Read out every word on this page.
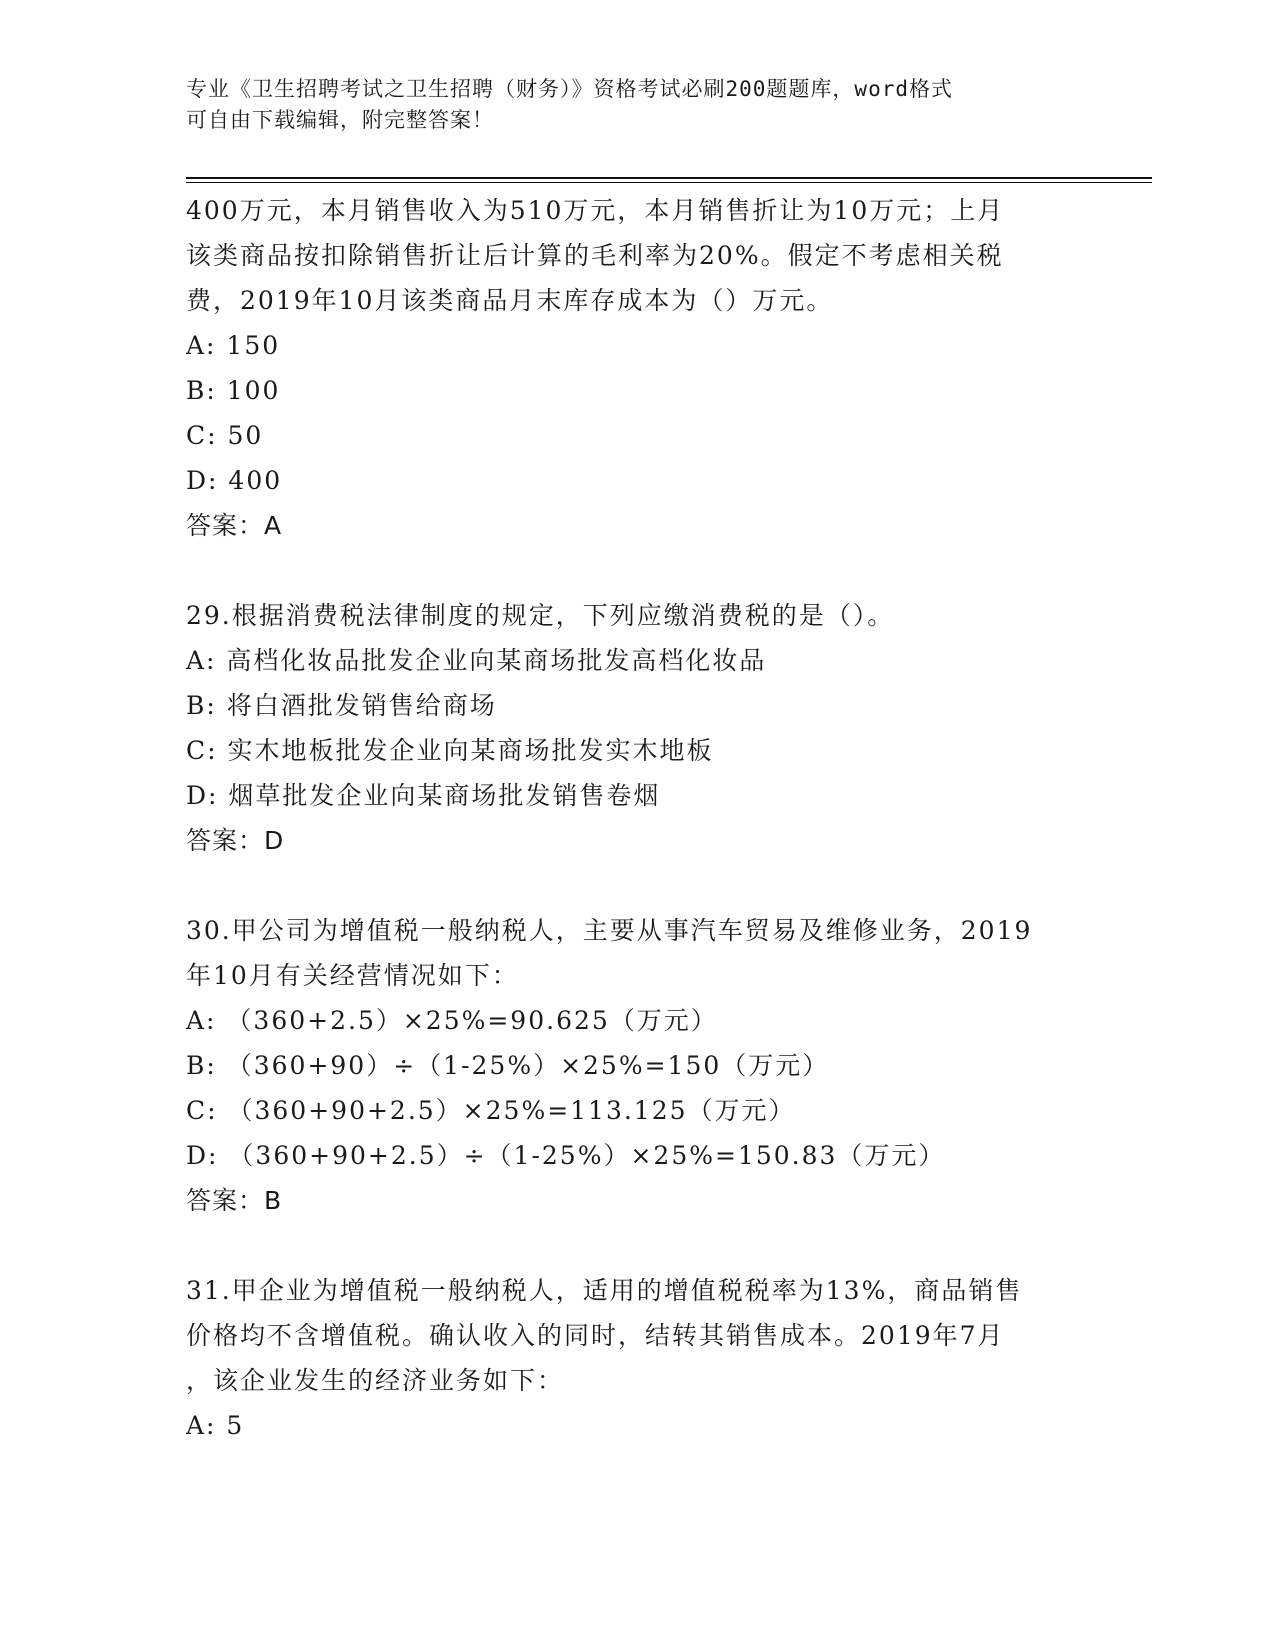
专业《卫生招聘考试之卫生招聘（财务）》资格考试必刷200题题库，word格式
可自由下载编辑，附完整答案！
400万元，本月销售收入为510万元，本月销售折让为10万元；上月
该类商品按扣除销售折让后计算的毛利率为20%。假定不考虑相关税
费，2019年10月该类商品月末库存成本为（）万元。
A: 150
B: 100
C: 50
D: 400
答案：A
29.根据消费税法律制度的规定，下列应缴消费税的是（）。
A: 高档化妆品批发企业向某商场批发高档化妆品
B: 将白酒批发销售给商场
C: 实木地板批发企业向某商场批发实木地板
D: 烟草批发企业向某商场批发销售卷烟
答案：D
30.甲公司为增值税一般纳税人，主要从事汽车贸易及维修业务，2019
年10月有关经营情况如下：
A: （360+2.5）×25%=90.625（万元）
B: （360+90）÷（1-25%）×25%=150（万元）
C: （360+90+2.5）×25%=113.125（万元）
D: （360+90+2.5）÷（1-25%）×25%=150.83（万元）
答案：B
31.甲企业为增值税一般纳税人，适用的增值税税率为13%，商品销售
价格均不含增值税。确认收入的同时，结转其销售成本。2019年7月
，该企业发生的经济业务如下：
A: 5
